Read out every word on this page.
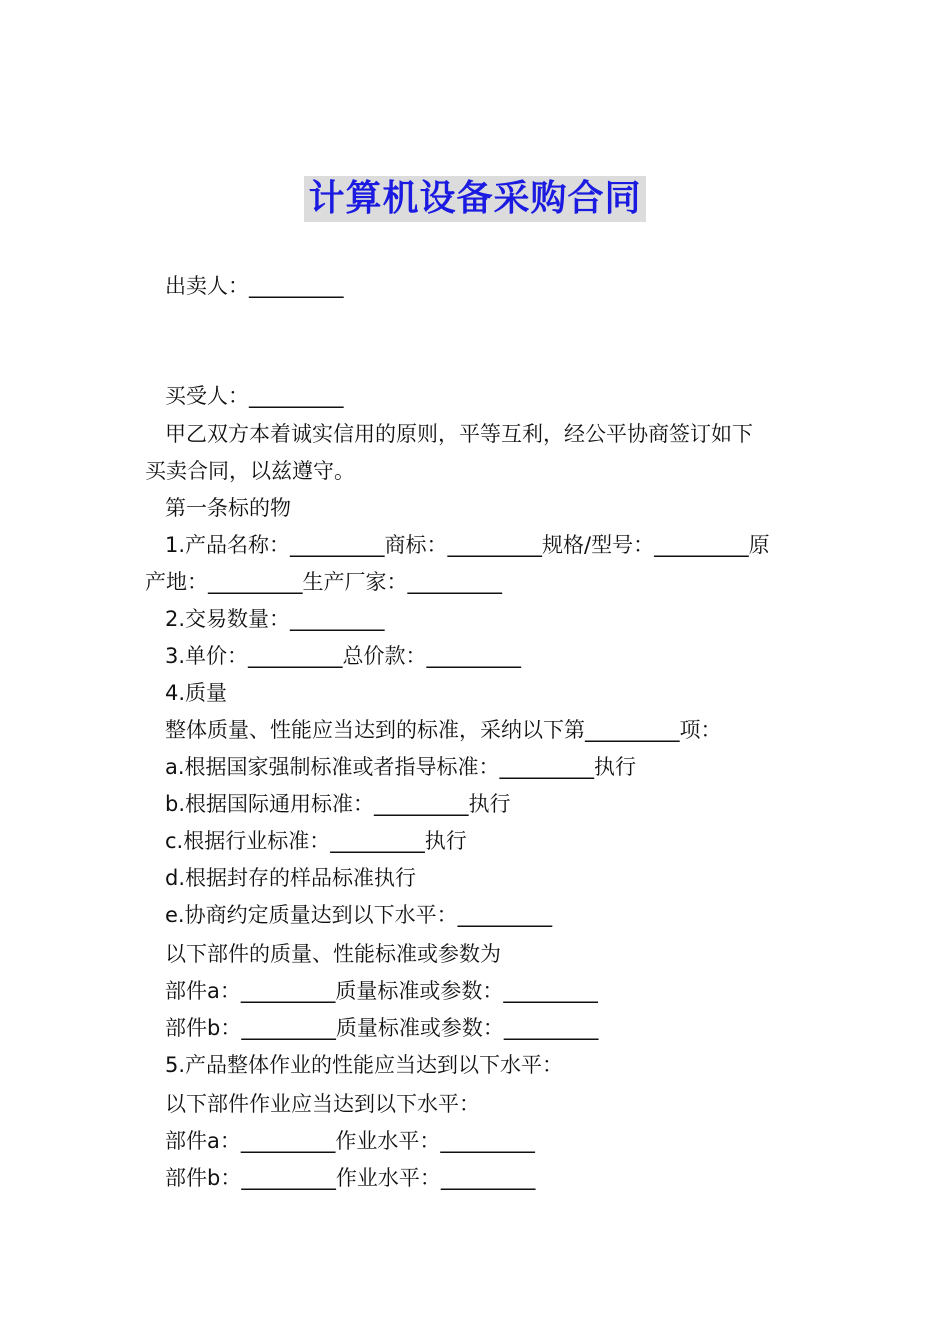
计算机设备采购合同
出卖人：_________
买受人：_________
甲乙双方本着诚实信用的原则，平等互利，经公平协商签订如下
买卖合同，以兹遵守。
第一条标的物
1.产品名称：_________商标：_________规格/型号：_________原
产地：_________生产厂家：_________
2.交易数量：_________
3.单价：_________总价款：_________
4.质量
整体质量、性能应当达到的标准，采纳以下第_________项：
a.根据国家强制标准或者指导标准：_________执行
b.根据国际通用标准：_________执行
c.根据行业标准：_________执行
d.根据封存的样品标准执行
e.协商约定质量达到以下水平：_________
以下部件的质量、性能标准或参数为
部件a：_________质量标准或参数：_________
部件b：_________质量标准或参数：_________
5.产品整体作业的性能应当达到以下水平：
以下部件作业应当达到以下水平：
部件a：_________作业水平：_________
部件b：_________作业水平：_________
